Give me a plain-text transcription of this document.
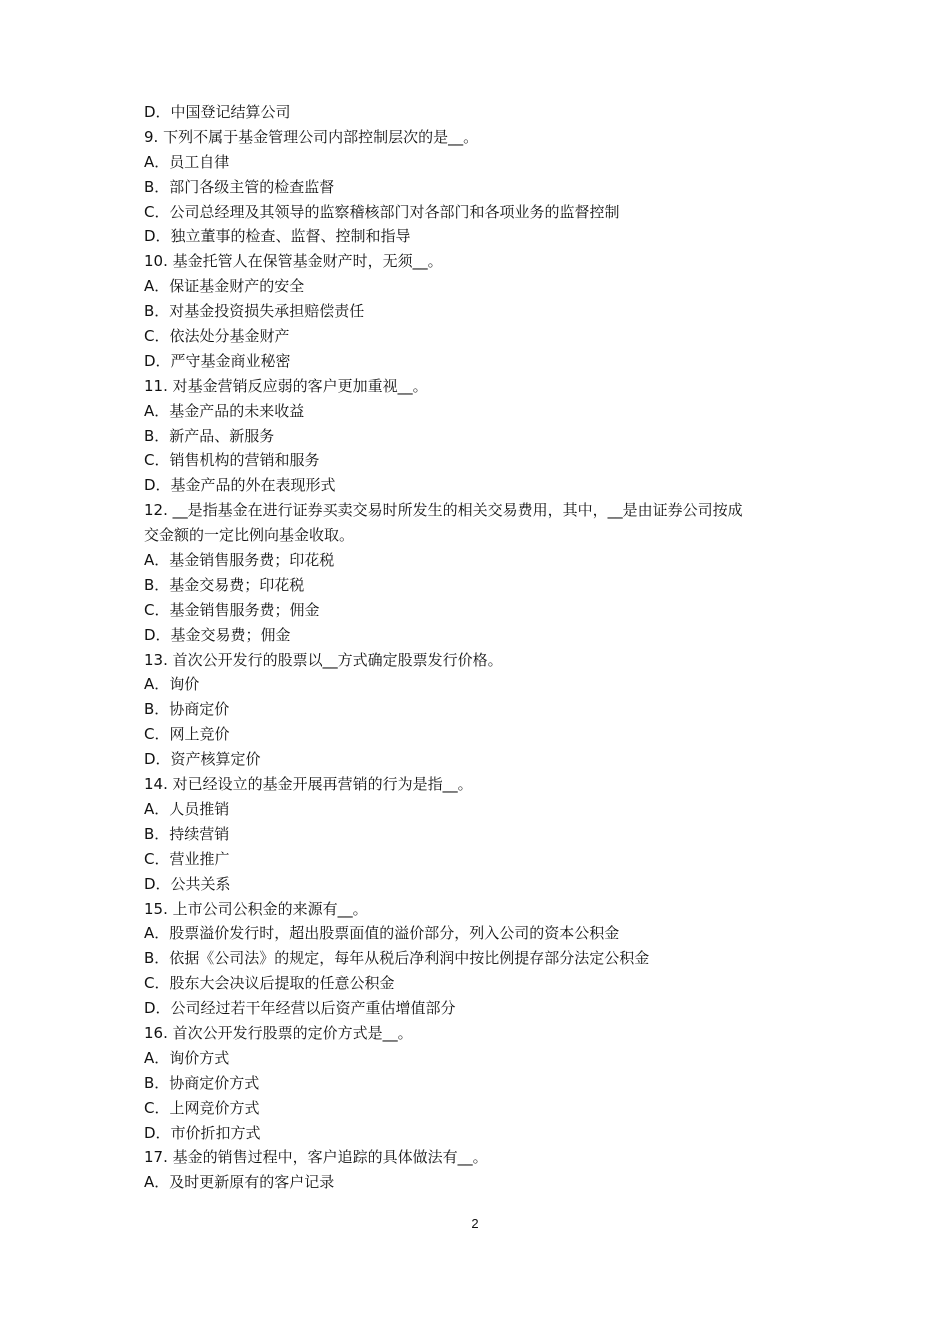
D．中国登记结算公司
9. 下列不属于基金管理公司内部控制层次的是__。
A．员工自律
B．部门各级主管的检查监督
C．公司总经理及其领导的监察稽核部门对各部门和各项业务的监督控制
D．独立董事的检查、监督、控制和指导
10. 基金托管人在保管基金财产时，无须__。
A．保证基金财产的安全
B．对基金投资损失承担赔偿责任
C．依法处分基金财产
D．严守基金商业秘密
11. 对基金营销反应弱的客户更加重视__。
A．基金产品的未来收益
B．新产品、新服务
C．销售机构的营销和服务
D．基金产品的外在表现形式
12. __是指基金在进行证券买卖交易时所发生的相关交易费用，其中，__是由证券公司按成
交金额的一定比例向基金收取。
A．基金销售服务费；印花税
B．基金交易费；印花税
C．基金销售服务费；佣金
D．基金交易费；佣金
13. 首次公开发行的股票以__方式确定股票发行价格。
A．询价
B．协商定价
C．网上竞价
D．资产核算定价
14. 对已经设立的基金开展再营销的行为是指__。
A．人员推销
B．持续营销
C．营业推广
D．公共关系
15. 上市公司公积金的来源有__。
A．股票溢价发行时，超出股票面值的溢价部分，列入公司的资本公积金
B．依据《公司法》的规定，每年从税后净利润中按比例提存部分法定公积金
C．股东大会决议后提取的任意公积金
D．公司经过若干年经营以后资产重估增值部分
16. 首次公开发行股票的定价方式是__。
A．询价方式
B．协商定价方式
C．上网竞价方式
D．市价折扣方式
17. 基金的销售过程中，客户追踪的具体做法有__。
A．及时更新原有的客户记录
2
